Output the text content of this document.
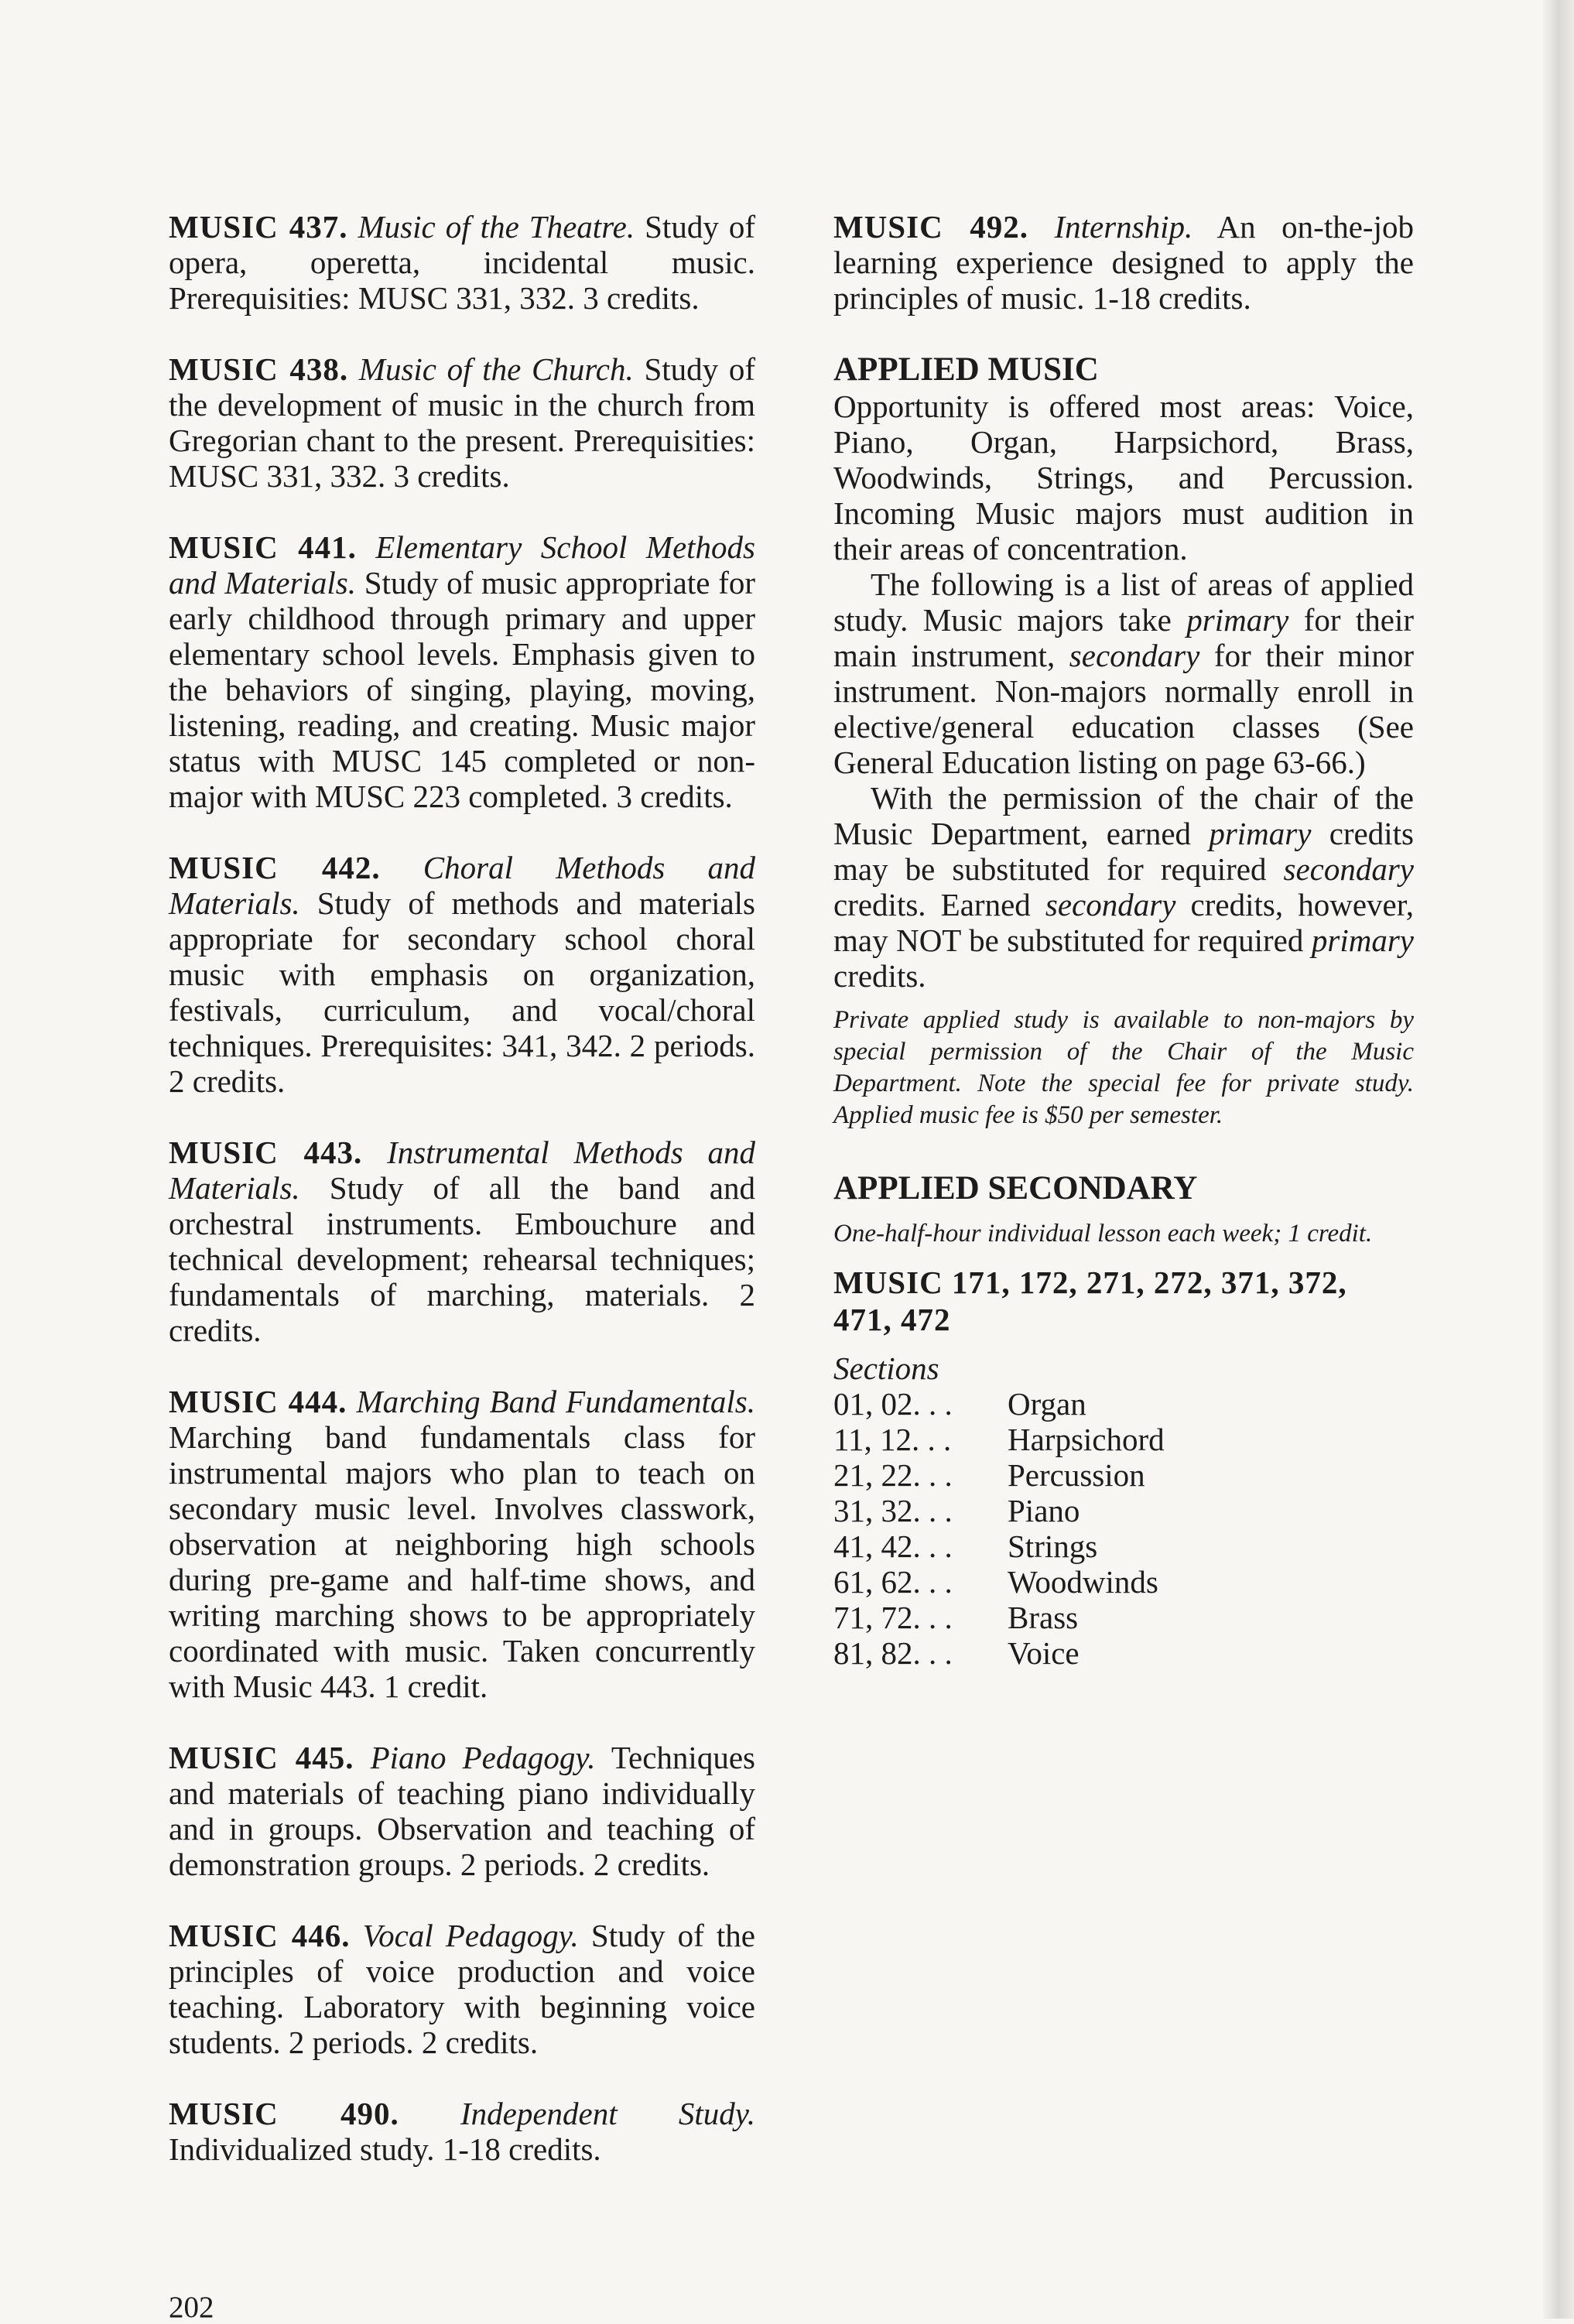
MUSIC 437. Music of the Theatre. Study of opera, operetta, incidental music. Prerequisities: MUSC 331, 332. 3 credits.

MUSIC 438. Music of the Church. Study of the development of music in the church from Gregorian chant to the present. Prerequisities: MUSC 331, 332. 3 credits.

MUSIC 441. Elementary School Methods and Materials. Study of music appropriate for early childhood through primary and upper elementary school levels. Emphasis given to the behaviors of singing, playing, moving, listening, reading, and creating. Music major status with MUSC 145 completed or non-major with MUSC 223 completed. 3 credits.

MUSIC 442. Choral Methods and Materials. Study of methods and materials appropriate for secondary school choral music with emphasis on organization, festivals, curriculum, and vocal/choral techniques. Prerequisites: 341, 342. 2 periods. 2 credits.

MUSIC 443. Instrumental Methods and Materials. Study of all the band and orchestral instruments. Embouchure and technical development; rehearsal techniques; fundamentals of marching, materials. 2 credits.

MUSIC 444. Marching Band Fundamentals. Marching band fundamentals class for instrumental majors who plan to teach on secondary music level. Involves classwork, observation at neighboring high schools during pre-game and half-time shows, and writing marching shows to be appropriately coordinated with music. Taken concurrently with Music 443. 1 credit.

MUSIC 445. Piano Pedagogy. Techniques and materials of teaching piano individually and in groups. Observation and teaching of demonstration groups. 2 periods. 2 credits.

MUSIC 446. Vocal Pedagogy. Study of the principles of voice production and voice teaching. Laboratory with beginning voice students. 2 periods. 2 credits.

MUSIC 490. Independent Study. Individualized study. 1-18 credits.

MUSIC 492. Internship. An on-the-job learning experience designed to apply the principles of music. 1-18 credits.

APPLIED MUSIC

Opportunity is offered most areas: Voice, Piano, Organ, Harpsichord, Brass, Woodwinds, Strings, and Percussion. Incoming Music majors must audition in their areas of concentration.

The following is a list of areas of applied study. Music majors take primary for their main instrument, secondary for their minor instrument. Non-majors normally enroll in elective/general education classes (See General Education listing on page 63-66.)

With the permission of the chair of the Music Department, earned primary credits may be substituted for required secondary credits. Earned secondary credits, however, may NOT be substituted for required primary credits.

Private applied study is available to non-majors by special permission of the Chair of the Music Department. Note the special fee for private study. Applied music fee is $50 per semester.

APPLIED SECONDARY

One-half-hour individual lesson each week; 1 credit.

MUSIC 171, 172, 271, 272, 371, 372, 471, 472

Sections
01, 02. . .	Organ
11, 12. . .	Harpsichord
21, 22. . .	Percussion
31, 32. . .	Piano
41, 42. . .	Strings
61, 62. . .	Woodwinds
71, 72. . .	Brass
81, 82. . .	Voice
202
